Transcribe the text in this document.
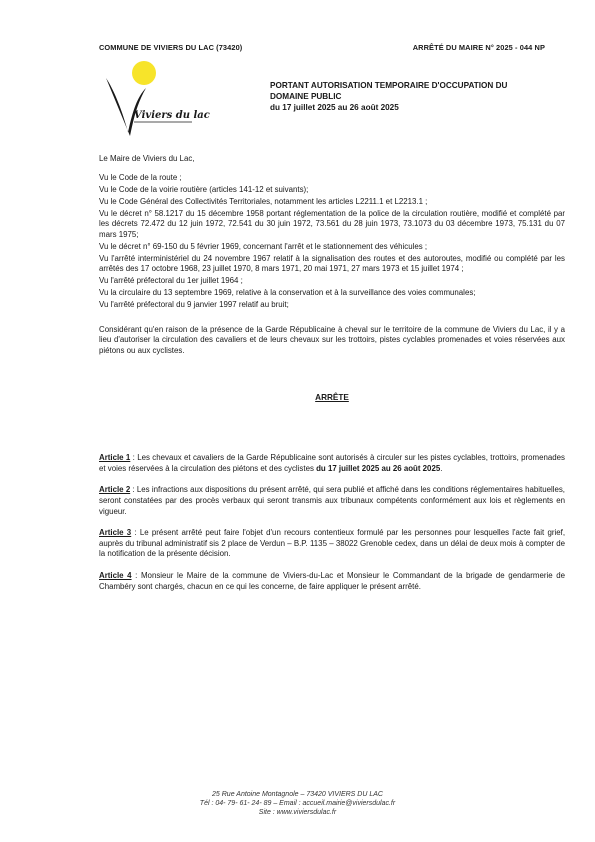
COMMUNE DE VIVIERS DU LAC (73420)	ARRÊTÉ DU MAIRE N° 2025 - 044 NP
Viviers du lac
PORTANT AUTORISATION TEMPORAIRE D'OCCUPATION DU
DOMAINE PUBLIC
du 17 juillet 2025 au 26 août 2025

Le Maire de Viviers du Lac,

Vu le Code de la route ;

Vu le Code de la voirie routière (articles 141-12 et suivants);

Vu le Code Général des Collectivités Territoriales, notamment les articles L2211.1 et L2213.1 ;

Vu le décret n° 58.1217 du 15 décembre 1958 portant réglementation de la police de la circulation routière, modifié et complété par les décrets 72.472 du 12 juin 1972, 72.541 du 30 juin 1972, 73.561 du 28 juin 1973, 73.1073 du 03 décembre 1973, 75.131 du 07 mars 1975;

Vu le décret n° 69-150 du 5 février 1969, concernant l'arrêt et le stationnement des véhicules ;

Vu l'arrêté interministériel du 24 novembre 1967 relatif à la signalisation des routes et des autoroutes, modifié ou complété par les arrêtés des 17 octobre 1968, 23 juillet 1970, 8 mars 1971, 20 mai 1971, 27 mars 1973 et 15 juillet 1974 ;

Vu l'arrêté préfectoral du 1er juillet 1964 ;

Vu la circulaire du 13 septembre 1969, relative à la conservation et à la surveillance des voies communales;

Vu l'arrêté préfectoral du 9 janvier 1997 relatif au bruit;

Considérant qu'en raison de la présence de la Garde Républicaine à cheval sur le territoire de la commune de Viviers du Lac, il y a lieu d'autoriser la circulation des cavaliers et de leurs chevaux sur les trottoirs, pistes cyclables promenades et voies réservées aux piétons ou aux cyclistes.

ARRÊTE

Article 1 : Les chevaux et cavaliers de la Garde Républicaine sont autorisés à circuler sur les pistes cyclables, trottoirs, promenades et voies réservées à la circulation des piétons et des cyclistes du 17 juillet 2025 au 26 août 2025.

Article 2 : Les infractions aux dispositions du présent arrêté, qui sera publié et affiché dans les conditions réglementaires habituelles, seront constatées par des procès verbaux qui seront transmis aux tribunaux compétents conformément aux lois et règlements en vigueur.

Article 3 : Le présent arrêté peut faire l'objet d'un recours contentieux formulé par les personnes pour lesquelles l'acte fait grief, auprès du tribunal administratif sis 2 place de Verdun – B.P. 1135 – 38022 Grenoble cedex, dans un délai de deux mois à compter de la notification de la présente décision.

Article 4 : Monsieur le Maire de la commune de Viviers-du-Lac et Monsieur le Commandant de la brigade de gendarmerie de Chambéry sont chargés, chacun en ce qui les concerne, de faire appliquer le présent arrêté.

25 Rue Antoine Montagnole – 73420 VIVIERS DU LAC
Tél : 04- 79- 61- 24- 89 – Email : accueil.mairie@viviersdulac.fr
Site : www.viviersdulac.fr
